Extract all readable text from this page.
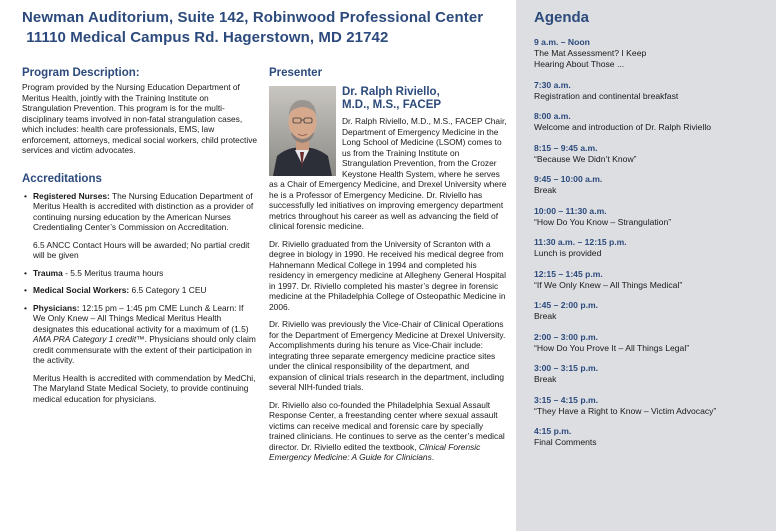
Newman Auditorium, Suite 142, Robinwood Professional Center
11110 Medical Campus Rd. Hagerstown, MD 21742
Program Description:

Program provided by the Nursing Education Department of Meritus Health, jointly with the Training Institute on Strangulation Prevention. This program is for the multi-disciplinary teams involved in non-fatal strangulation cases, which includes: health care professionals, EMS, law enforcement, attorneys, medical social workers, child protective services and victim advocates.

Accreditations
• Registered Nurses: The Nursing Education Department of Meritus Health is accredited with distinction as a provider of continuing nursing education by the American Nurses Credentialing Center’s Commission on Accreditation.
6.5 ANCC Contact Hours will be awarded; No partial credit will be given
• Trauma - 5.5 Meritus trauma hours
• Medical Social Workers: 6.5 Category 1 CEU
• Physicians: 12:15 pm – 1:45 pm CME Lunch & Learn: If We Only Knew – All Things Medical Meritus Health designates this educational activity for a maximum of (1.5) AMA PRA Category 1 credit™. Physicians should only claim credit commensurate with the extent of their participation in the activity.

Meritus Health is accredited with commendation by MedChi, The Maryland State Medical Society, to provide continuing medical education for physicians.

Presenter
Dr. Ralph Riviello,
M.D., M.S., FACEP

Dr. Ralph Riviello, M.D., M.S., FACEP Chair, Department of Emergency Medicine in the Long School of Medicine (LSOM) comes to us from the Training Institute on Strangulation Prevention, from the Crozer Keystone Health System, where he serves as a Chair of Emergency Medicine, and Drexel University where he is a Professor of Emergency Medicine. Dr. Riviello has successfully led initiatives on improving emergency department metrics throughout his career as well as advancing the field of clinical forensic medicine.

Dr. Riviello graduated from the University of Scranton with a degree in biology in 1990. He received his medical degree from Hahnemann Medical College in 1994 and completed his residency in emergency medicine at Allegheny General Hospital in 1997. Dr. Riviello completed his master’s degree in forensic medicine at the Philadelphia College of Osteopathic Medicine in 2006.

Dr. Riviello was previously the Vice-Chair of Clinical Operations for the Department of Emergency Medicine at Drexel University. Accomplishments during his tenure as Vice-Chair include: integrating three separate emergency medicine practice sites under the clinical responsibility of the department, and expansion of clinical trials research in the department, including several NIH-funded trials.

Dr. Riviello also co-founded the Philadelphia Sexual Assault Response Center, a freestanding center where sexual assault victims can receive medical and forensic care by specially trained clinicians. He continues to serve as the center’s medical director. Dr. Riviello edited the textbook, Clinical Forensic Emergency Medicine: A Guide for Clinicians.

Agenda
9 a.m. – Noon
The Mat Assessment? I Keep Hearing About Those ...
7:30 a.m.
Registration and continental breakfast
8:00 a.m.
Welcome and introduction of Dr. Ralph Riviello
8:15 – 9:45 a.m.
“Because We Didn’t Know”
9:45 – 10:00 a.m.
Break
10:00 – 11:30 a.m.
“How Do You Know – Strangulation”
11:30 a.m. – 12:15 p.m.
Lunch is provided
12:15 – 1:45 p.m.
“If We Only Knew – All Things Medical”
1:45 – 2:00 p.m.
Break
2:00 – 3:00 p.m.
“How Do You Prove It – All Things Legal”
3:00 – 3:15 p.m.
Break
3:15 – 4:15 p.m.
“They Have a Right to Know – Victim Advocacy”
4:15 p.m.
Final Comments
